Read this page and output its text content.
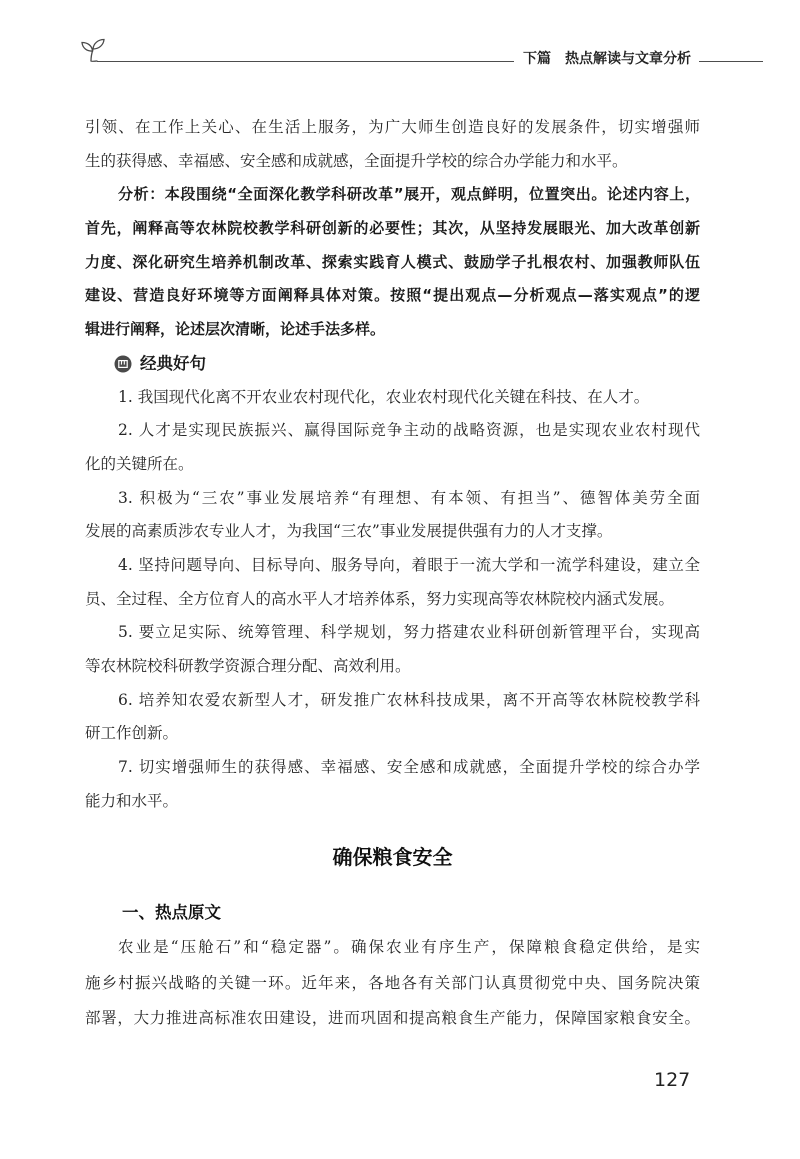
下篇 热点解读与文章分析
引领、在工作上关心、在生活上服务，为广大师生创造良好的发展条件，切实增强师
生的获得感、幸福感、安全感和成就感，全面提升学校的综合办学能力和水平。
分析：本段围绕“全面深化教学科研改革”展开，观点鲜明，位置突出。论述内容上，
首先，阐释高等农林院校教学科研创新的必要性；其次，从坚持发展眼光、加大改革创新
力度、深化研究生培养机制改革、探索实践育人模式、鼓励学子扎根农村、加强教师队伍
建设、营造良好环境等方面阐释具体对策。按照“提出观点—分析观点—落实观点”的逻
辑进行阐释，论述层次清晰，论述手法多样。
经典好句
1. 我国现代化离不开农业农村现代化，农业农村现代化关键在科技、在人才。
2. 人才是实现民族振兴、赢得国际竞争主动的战略资源，也是实现农业农村现代
化的关键所在。
3. 积极为“三农”事业发展培养“有理想、有本领、有担当”、德智体美劳全面
发展的高素质涉农专业人才，为我国“三农”事业发展提供强有力的人才支撑。
4. 坚持问题导向、目标导向、服务导向，着眼于一流大学和一流学科建设，建立全
员、全过程、全方位育人的高水平人才培养体系，努力实现高等农林院校内涵式发展。
5. 要立足实际、统筹管理、科学规划，努力搭建农业科研创新管理平台，实现高
等农林院校科研教学资源合理分配、高效利用。
6. 培养知农爱农新型人才，研发推广农林科技成果，离不开高等农林院校教学科
研工作创新。
7. 切实增强师生的获得感、幸福感、安全感和成就感，全面提升学校的综合办学
能力和水平。
确保粮食安全
一、热点原文
农业是“压舱石”和“稳定器”。确保农业有序生产，保障粮食稳定供给，是实
施乡村振兴战略的关键一环。近年来，各地各有关部门认真贯彻党中央、国务院决策
部署，大力推进高标准农田建设，进而巩固和提高粮食生产能力，保障国家粮食安全。
127
